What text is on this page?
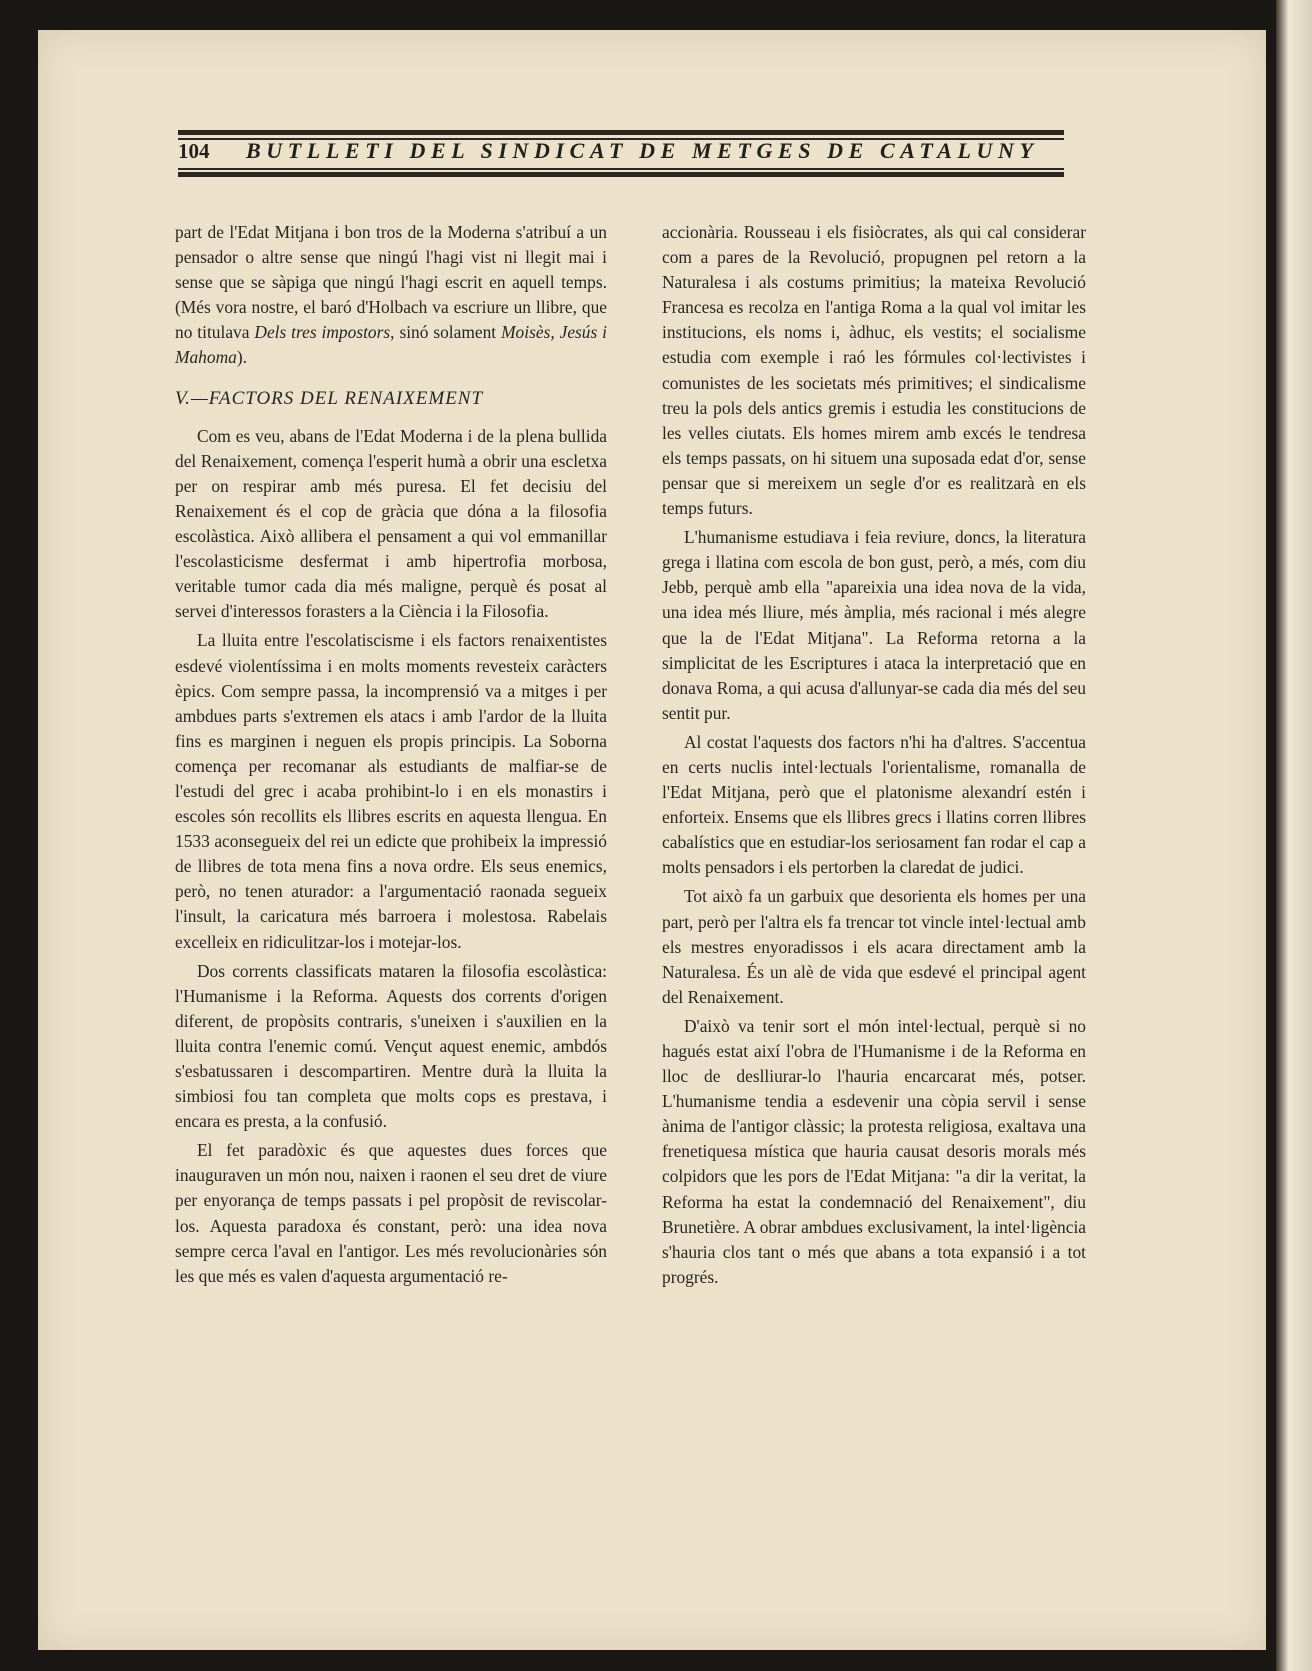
104 BUTLLETI DEL SINDICAT DE METGES DE CATALUNY

part de l'Edat Mitjana i bon tros de la Moderna s'atribuí a un pensador o altre sense que ningú l'hagi vist ni llegit mai i sense que se sàpiga que ningú l'hagi escrit en aquell temps. (Més vora nostre, el baró d'Holbach va escriure un llibre, que no titulava Dels tres impostors, sinó solament Moisès, Jesús i Mahoma).

V.—FACTORS DEL RENAIXEMENT

Com es veu, abans de l'Edat Moderna i de la plena bullida del Renaixement, comença l'esperit humà a obrir una escletxa per on respirar amb més puresa. El fet decisiu del Renaixement és el cop de gràcia que dóna a la filosofia escolàstica. Això allibera el pensament a qui vol emmanillar l'escolasticisme desfermat i amb hipertrofia morbosa, veritable tumor cada dia més maligne, perquè és posat al servei d'interessos forasters a la Ciència i la Filosofia.

La lluita entre l'escolatiscisme i els factors renaixentistes esdevé violentíssima i en molts moments revesteix caràcters èpics. Com sempre passa, la incomprensió va a mitges i per ambdues parts s'extremen els atacs i amb l'ardor de la lluita fins es marginen i neguen els propis principis. La Soborna comença per recomanar als estudiants de malfiar-se de l'estudi del grec i acaba prohibint-lo i en els monastirs i escoles són recollits els llibres escrits en aquesta llengua. En 1533 aconsegueix del rei un edicte que prohibeix la impressió de llibres de tota mena fins a nova ordre. Els seus enemics, però, no tenen aturador: a l'argumentació raonada segueix l'insult, la caricatura més barroera i molestosa. Rabelais excelleix en ridiculitzar-los i motejar-los.

Dos corrents classificats mataren la filosofia escolàstica: l'Humanisme i la Reforma. Aquests dos corrents d'origen diferent, de propòsits contraris, s'uneixen i s'auxilien en la lluita contra l'enemic comú. Vençut aquest enemic, ambdós s'esbatussaren i descompartiren. Mentre durà la lluita la simbiosi fou tan completa que molts cops es prestava, i encara es presta, a la confusió.

El fet paradòxic és que aquestes dues forces que inauguraven un món nou, naixen i raonen el seu dret de viure per enyorança de temps passats i pel propòsit de reviscolar-los. Aquesta paradoxa és constant, però: una idea nova sempre cerca l'aval en l'antigor. Les més revolucionàries són les que més es valen d'aquesta argumentació re-

accionària. Rousseau i els fisiòcrates, als qui cal considerar com a pares de la Revolució, propugnen pel retorn a la Naturalesa i als costums primitius; la mateixa Revolució Francesa es recolza en l'antiga Roma a la qual vol imitar les institucions, els noms i, àdhuc, els vestits; el socialisme estudia com exemple i raó les fórmules col·lectivistes i comunistes de les societats més primitives; el sindicalisme treu la pols dels antics gremis i estudia les constitucions de les velles ciutats. Els homes mirem amb excés le tendresa els temps passats, on hi situem una suposada edat d'or, sense pensar que si mereixem un segle d'or es realitzarà en els temps futurs.

L'humanisme estudiava i feia reviure, doncs, la literatura grega i llatina com escola de bon gust, però, a més, com diu Jebb, perquè amb ella "apareixia una idea nova de la vida, una idea més lliure, més àmplia, més racional i més alegre que la de l'Edat Mitjana". La Reforma retorna a la simplicitat de les Escriptures i ataca la interpretació que en donava Roma, a qui acusa d'allunyar-se cada dia més del seu sentit pur.

Al costat l'aquests dos factors n'hi ha d'altres. S'accentua en certs nuclis intel·lectuals l'orientalisme, romanalla de l'Edat Mitjana, però que el platonisme alexandrí estén i enforteix. Ensems que els llibres grecs i llatins corren llibres cabalístics que en estudiar-los seriosament fan rodar el cap a molts pensadors i els pertorben la claredat de judici.

Tot això fa un garbuix que desorienta els homes per una part, però per l'altra els fa trencar tot vincle intel·lectual amb els mestres enyoradissos i els acara directament amb la Naturalesa. És un alè de vida que esdevé el principal agent del Renaixement.

D'això va tenir sort el món intel·lectual, perquè si no hagués estat així l'obra de l'Humanisme i de la Reforma en lloc de deslliurar-lo l'hauria encarcarat més, potser. L'humanisme tendia a esdevenir una còpia servil i sense ànima de l'antigor clàssic; la protesta religiosa, exaltava una frenetiquesa mística que hauria causat desoris morals més colpidors que les pors de l'Edat Mitjana: "a dir la veritat, la Reforma ha estat la condemnació del Renaixement", diu Brunetière. A obrar ambdues exclusivament, la intel·ligència s'hauria clos tant o més que abans a tota expansió i a tot progrés.
